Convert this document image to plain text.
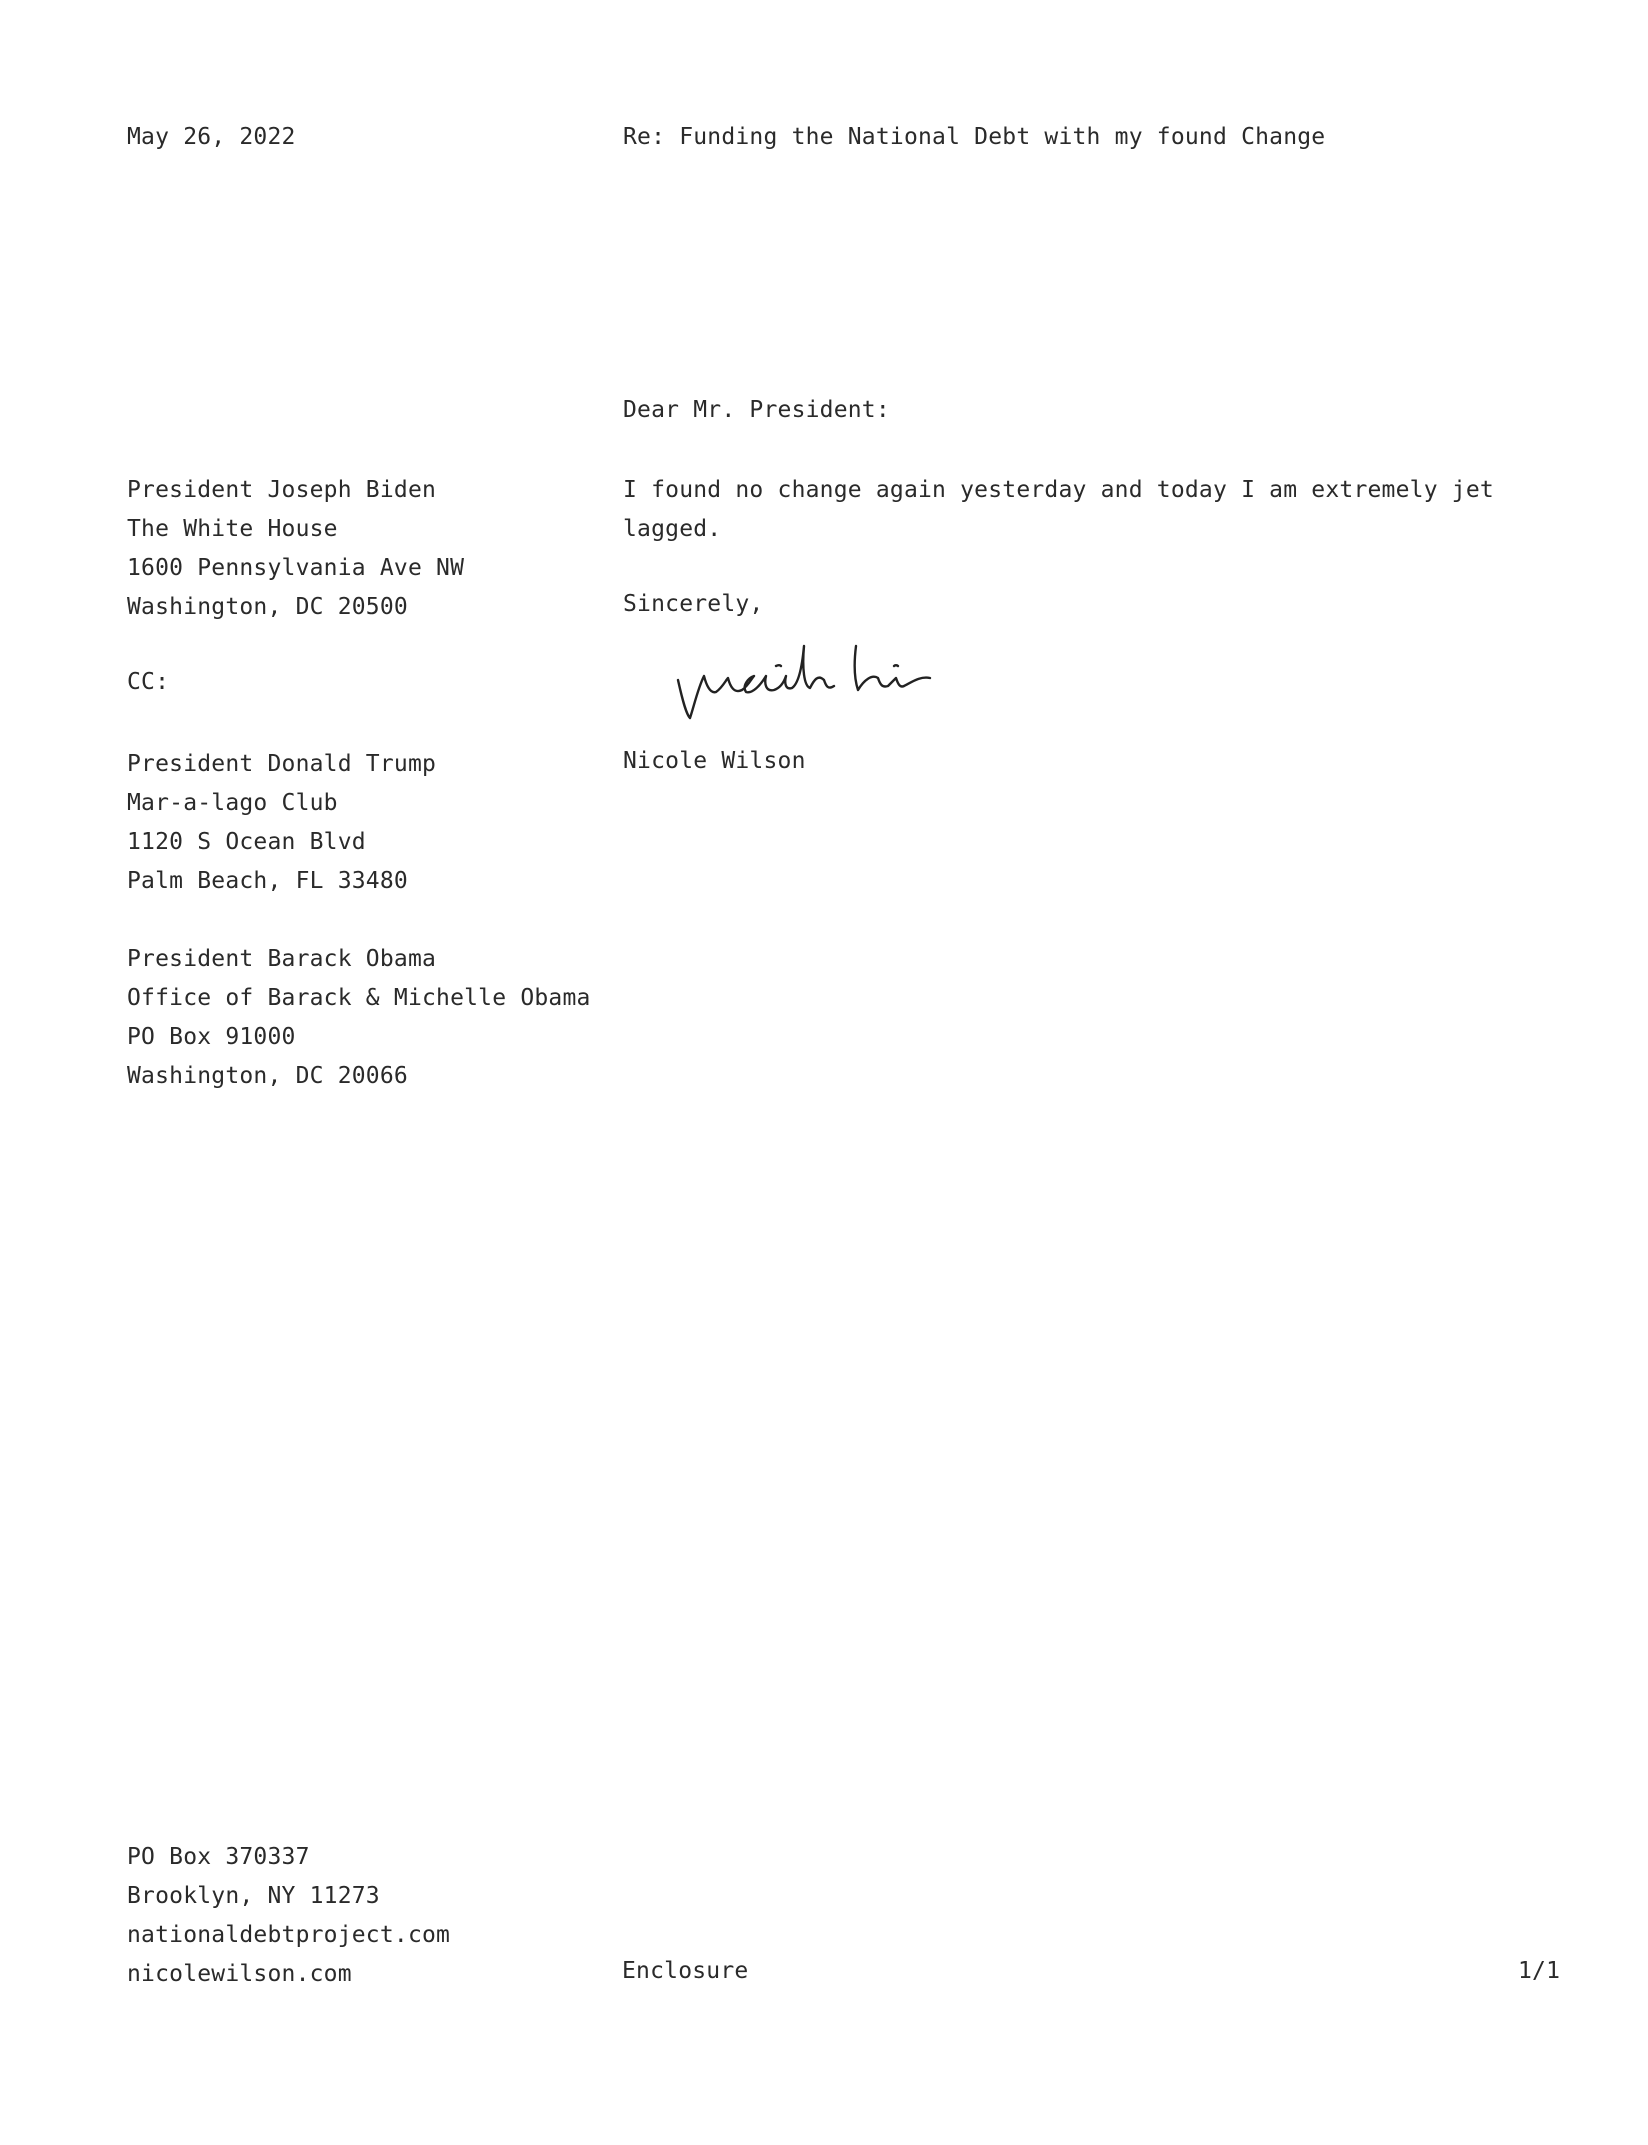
May 26, 2022	Re: Funding the National Debt with my found Change
Dear Mr. President:
President Joseph Biden
The White House
1600 Pennsylvania Ave NW
Washington, DC 20500
I found no change again yesterday and today I am extremely jet lagged.
Sincerely,
Nicole Wilson
CC:
President Donald Trump
Mar-a-lago Club
1120 S Ocean Blvd
Palm Beach, FL 33480
President Barack Obama
Office of Barack & Michelle Obama
PO Box 91000
Washington, DC 20066
PO Box 370337
Brooklyn, NY 11273
nationaldebtproject.com
nicolewilson.com	Enclosure	1/1
